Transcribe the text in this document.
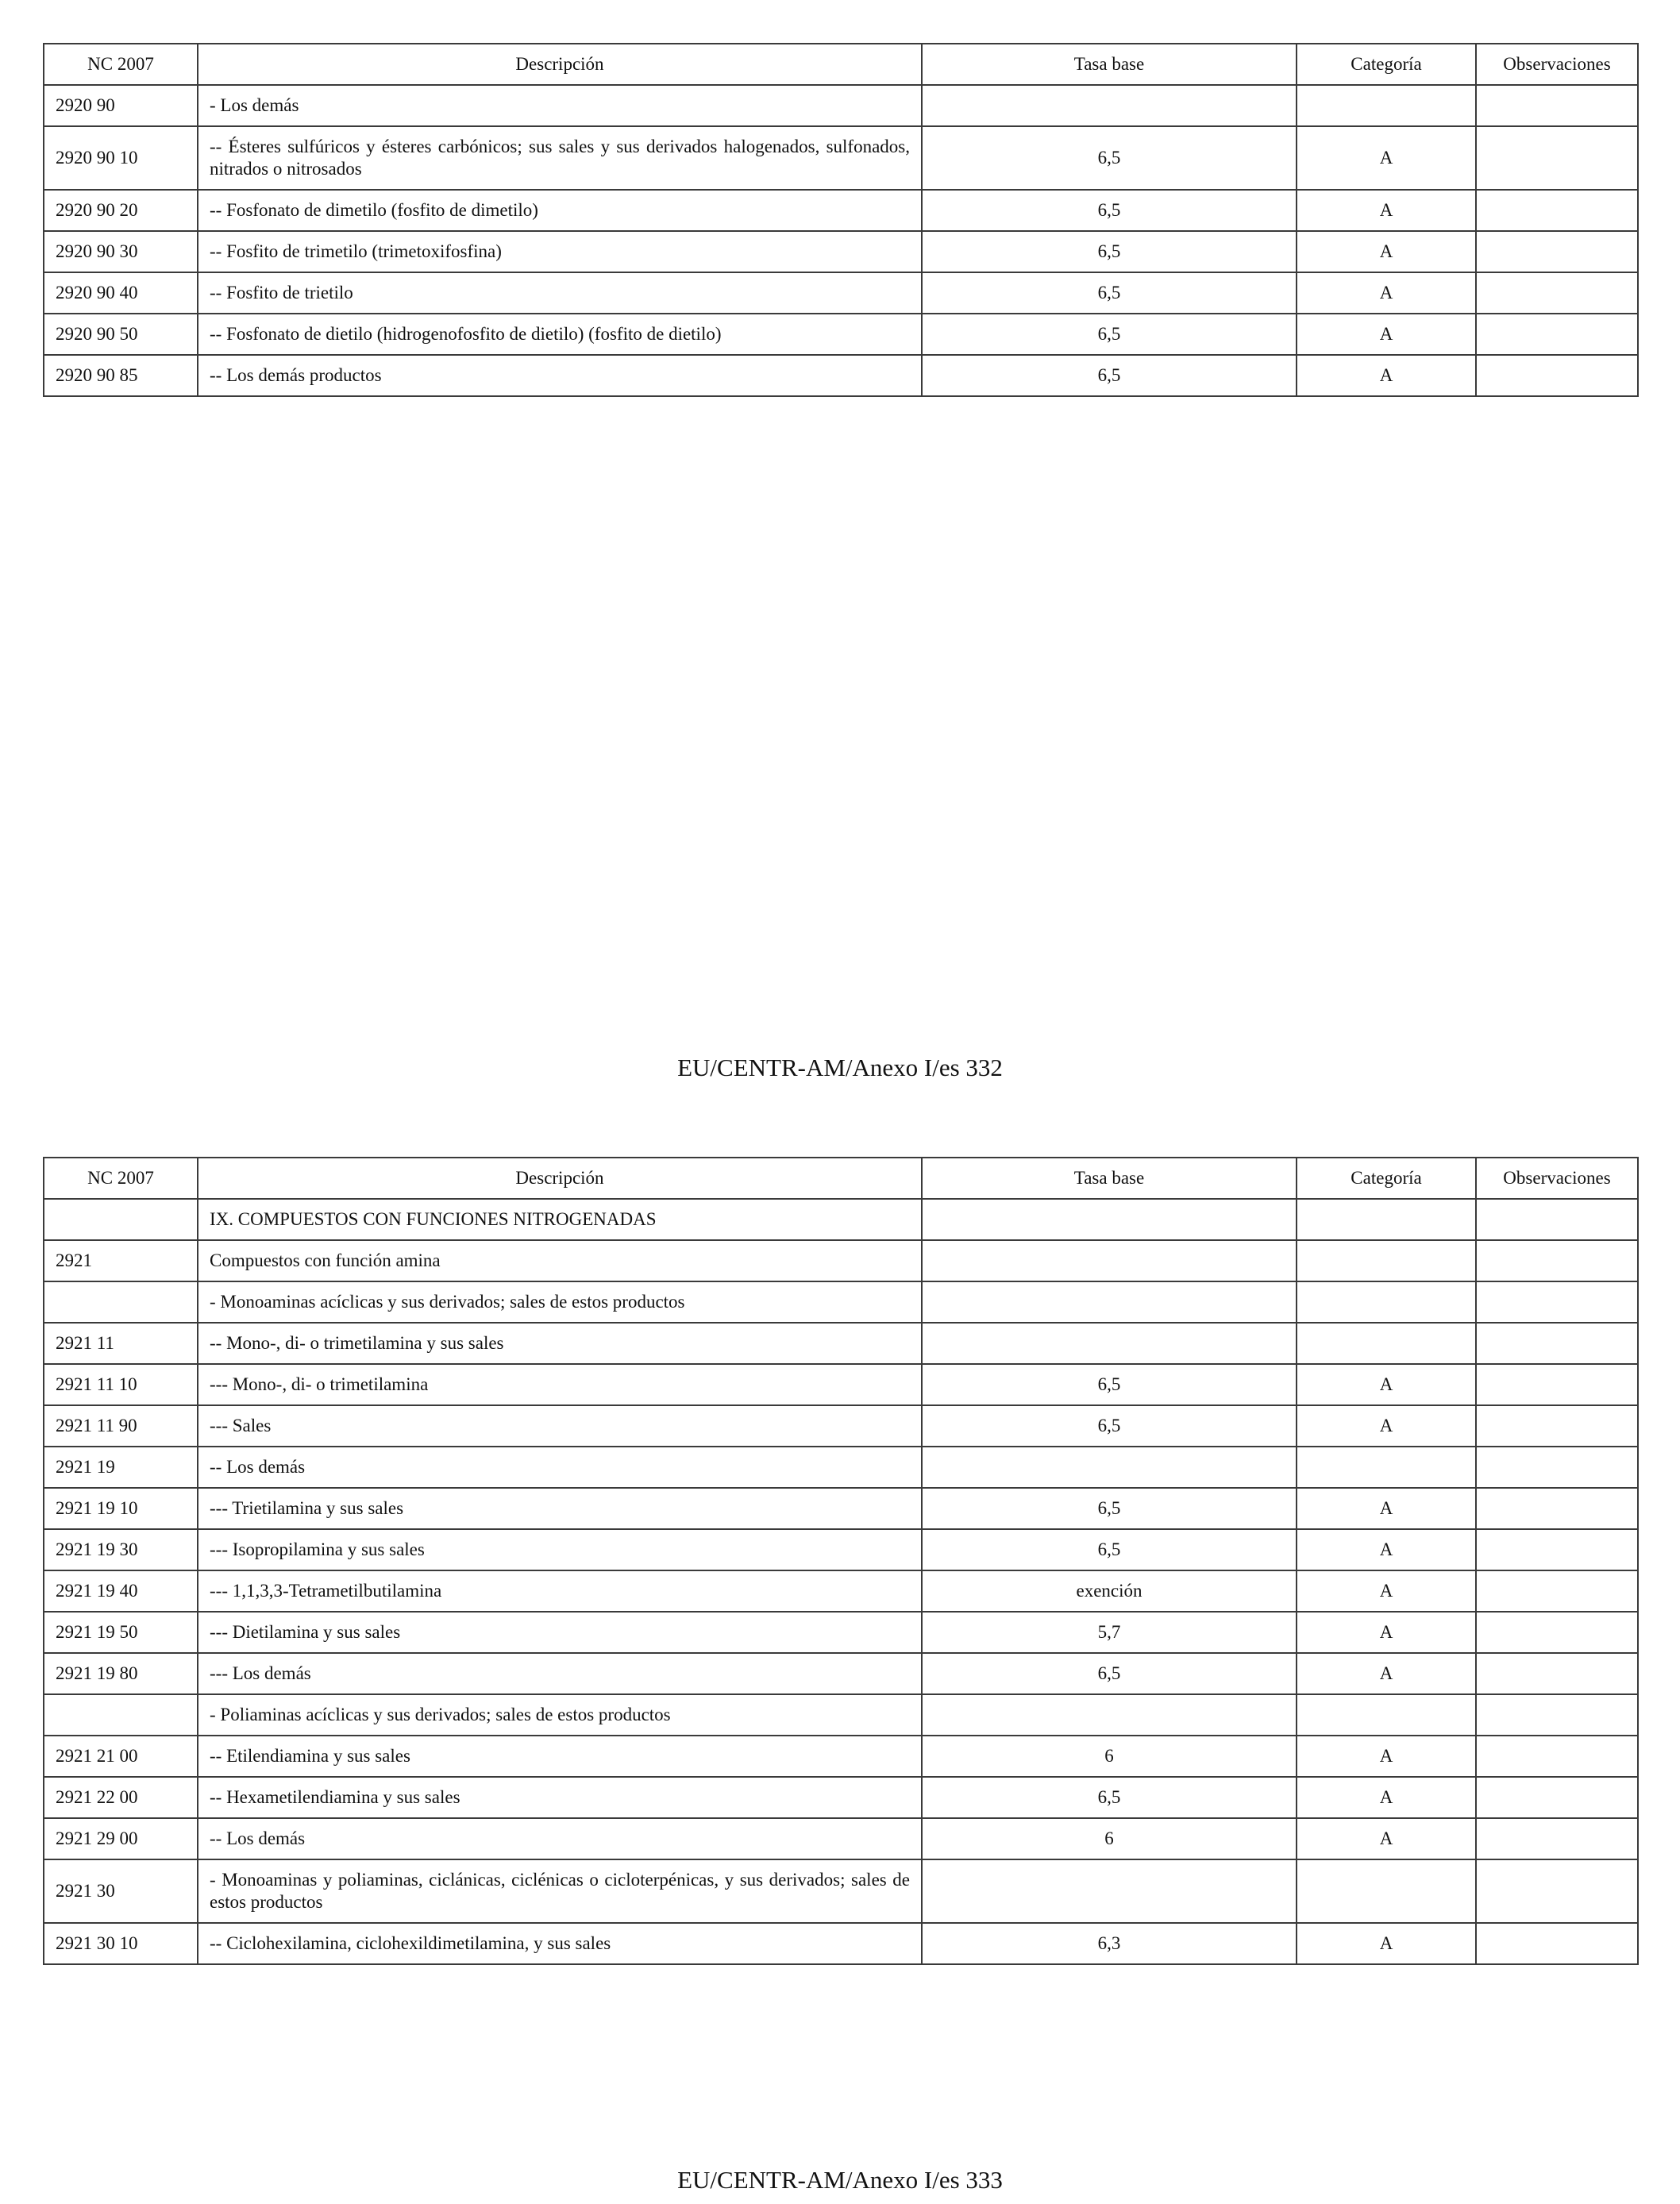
NC 2007	Descripción	Tasa base	Categoría	Observaciones
2920 90	- Los demás			
2920 90 10	-- Ésteres sulfúricos y ésteres carbónicos; sus sales y sus derivados halogenados, sulfonados, nitrados o nitrosados	6,5	A	
2920 90 20	-- Fosfonato de dimetilo (fosfito de dimetilo)	6,5	A	
2920 90 30	-- Fosfito de trimetilo (trimetoxifosfina)	6,5	A	
2920 90 40	-- Fosfito de trietilo	6,5	A	
2920 90 50	-- Fosfonato de dietilo (hidrogenofosfito de dietilo) (fosfito de dietilo)	6,5	A	
2920 90 85	-- Los demás productos	6,5	A	
EU/CENTR-AM/Anexo I/es 332
NC 2007	Descripción	Tasa base	Categoría	Observaciones
	IX. COMPUESTOS CON FUNCIONES NITROGENADAS			
2921	Compuestos con función amina			
	- Monoaminas acíclicas y sus derivados; sales de estos productos			
2921 11	-- Mono-, di- o trimetilamina y sus sales			
2921 11 10	--- Mono-, di- o trimetilamina	6,5	A	
2921 11 90	--- Sales	6,5	A	
2921 19	-- Los demás			
2921 19 10	--- Trietilamina y sus sales	6,5	A	
2921 19 30	--- Isopropilamina y sus sales	6,5	A	
2921 19 40	--- 1,1,3,3-Tetrametilbutilamina	exención	A	
2921 19 50	--- Dietilamina y sus sales	5,7	A	
2921 19 80	--- Los demás	6,5	A	
	- Poliaminas acíclicas y sus derivados; sales de estos productos			
2921 21 00	-- Etilendiamina y sus sales	6	A	
2921 22 00	-- Hexametilendiamina y sus sales	6,5	A	
2921 29 00	-- Los demás	6	A	
2921 30	- Monoaminas y poliaminas, ciclánicas, ciclénicas o cicloterpénicas, y sus derivados; sales de estos productos			
2921 30 10	-- Ciclohexilamina, ciclohexildimetilamina, y sus sales	6,3	A	
EU/CENTR-AM/Anexo I/es 333
